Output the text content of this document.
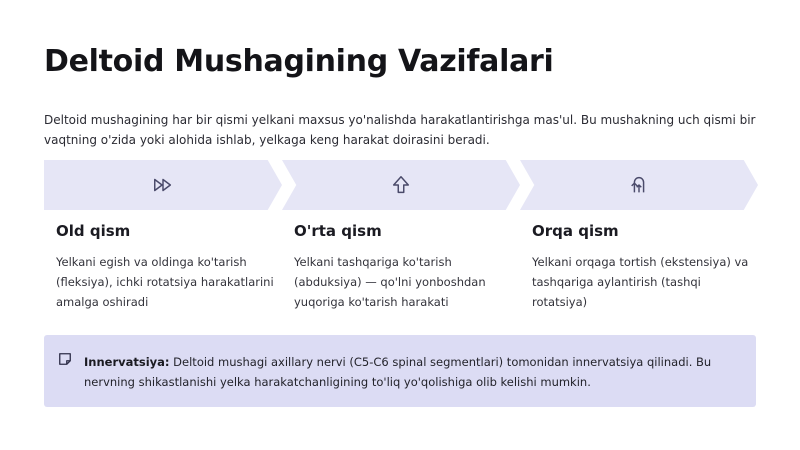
Deltoid Mushagining Vazifalari

Deltoid mushagining har bir qismi yelkani maxsus yo'nalishda harakatlantirishga mas'ul. Bu mushakning uch qismi bir vaqtning o'zida yoki alohida ishlab, yelkaga keng harakat doirasini beradi.

Old qism

Yelkani egish va oldinga ko'tarish (fleksiya), ichki rotatsiya harakatlarini amalga oshiradi

O'rta qism

Yelkani tashqariga ko'tarish (abduksiya) — qo'lni yonboshdan yuqoriga ko'tarish harakati

Orqa qism

Yelkani orqaga tortish (ekstensiya) va tashqariga aylantirish (tashqi rotatsiya)

Innervatsiya: Deltoid mushagi axillary nervi (C5-C6 spinal segmentlari) tomonidan innervatsiya qilinadi. Bu nervning shikastlanishi yelka harakatchanligining to'liq yo'qolishiga olib kelishi mumkin.
